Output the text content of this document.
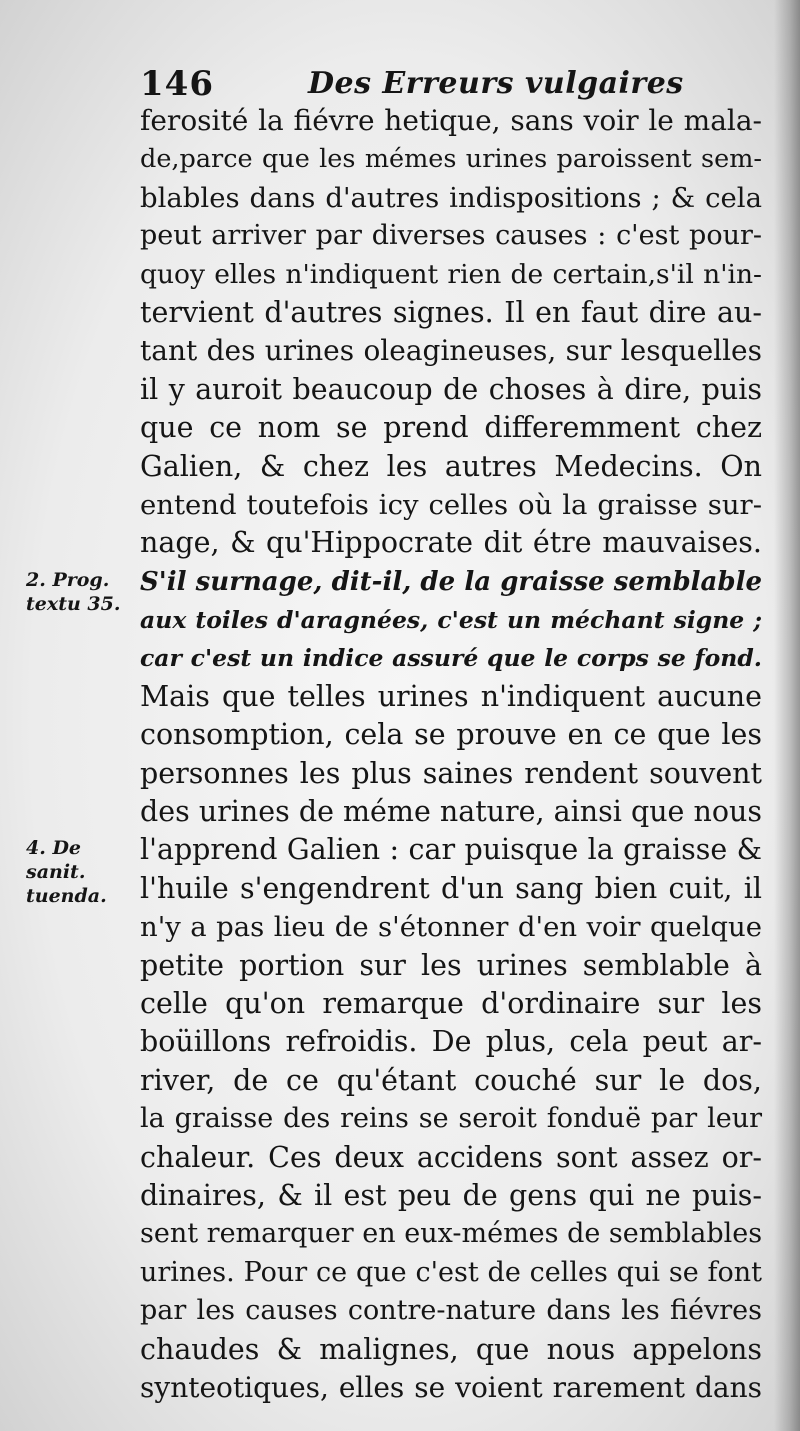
146	Des Erreurs vulgaires
2. Prog.
textu 35.
4. De
sanit.
tuenda.
ferosité la fiévre hetique, sans voir le mala-
de,parce que les mémes urines paroissent sem-
blables dans d'autres indispositions ; & cela
peut arriver par diverses causes : c'est pour-
quoy elles n'indiquent rien de certain,s'il n'in-
tervient d'autres signes. Il en faut dire au-
tant des urines oleagineuses, sur lesquelles
il y auroit beaucoup de choses à dire, puis
que ce nom se prend differemment chez
Galien, & chez les autres Medecins. On
entend toutefois icy celles où la graisse sur-
nage, & qu'Hippocrate dit étre mauvaises.
S'il surnage, dit-il, de la graisse semblable
aux toiles d'aragnées, c'est un méchant signe ;
car c'est un indice assuré que le corps se fond.
Mais que telles urines n'indiquent aucune
consomption, cela se prouve en ce que les
personnes les plus saines rendent souvent
des urines de méme nature, ainsi que nous
l'apprend Galien : car puisque la graisse &
l'huile s'engendrent d'un sang bien cuit, il
n'y a pas lieu de s'étonner d'en voir quelque
petite portion sur les urines semblable à
celle qu'on remarque d'ordinaire sur les
boüillons refroidis. De plus, cela peut ar-
river, de ce qu'étant couché sur le dos,
la graisse des reins se seroit fonduë par leur
chaleur. Ces deux accidens sont assez or-
dinaires, & il est peu de gens qui ne puis-
sent remarquer en eux-mémes de semblables
urines. Pour ce que c'est de celles qui se font
par les causes contre-nature dans les fiévres
chaudes & malignes, que nous appelons
synteotiques, elles se voient rarement dans
